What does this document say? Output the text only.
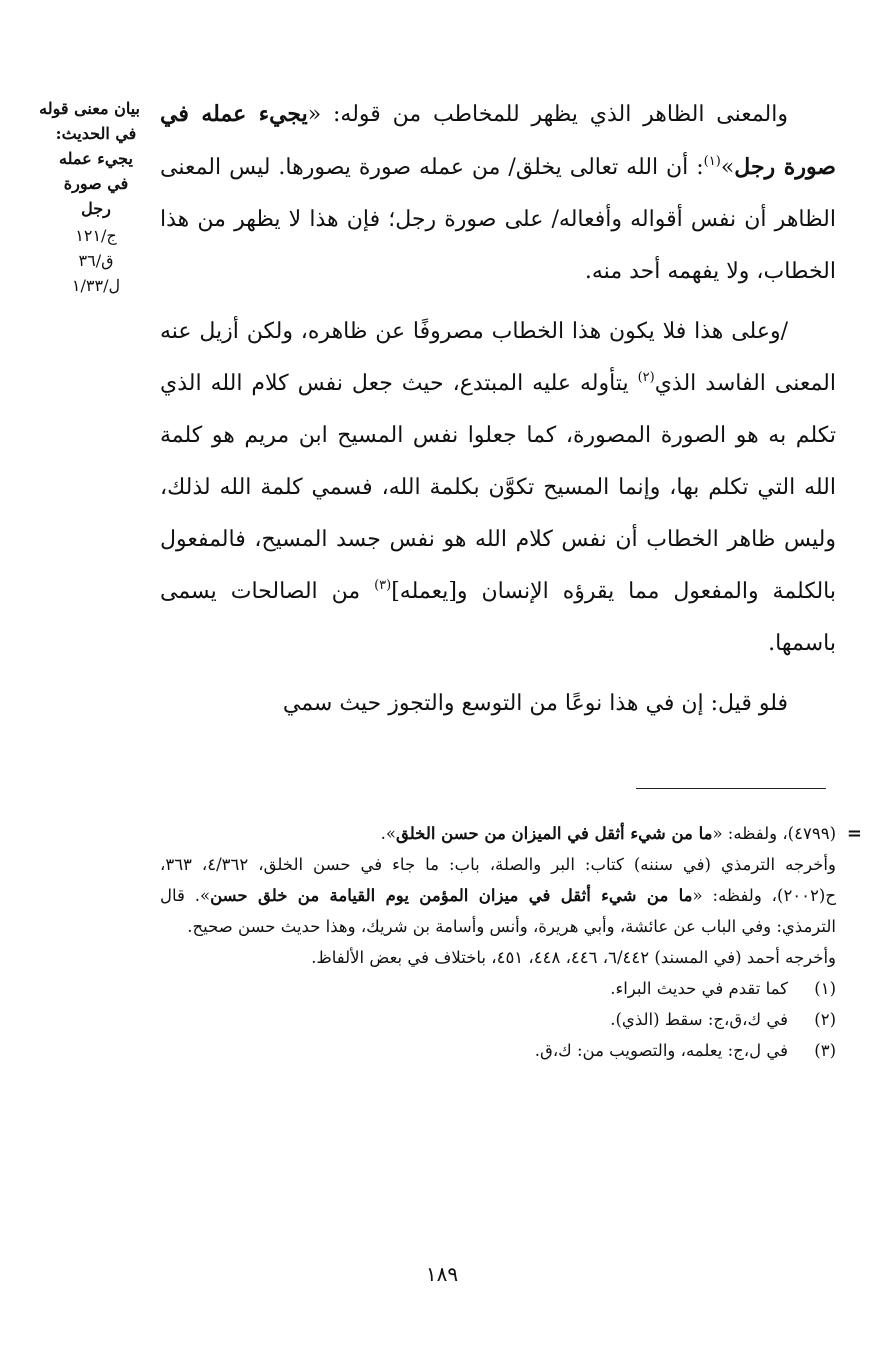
بيان معنى قوله
في الحديث:
يجيء عمله
في صورة
رجل
ج/١٢١
ق/٣٦
ل/١/٣٣

والمعنى الظاهر الذي يظهر للمخاطب من قوله: «يجيء عمله في صورة رجل»$^{(١)}$: أن الله تعالى يخلق/ من عمله صورة يصورها. ليس المعنى الظاهر أن نفس أقواله وأفعاله/ على صورة رجل؛ فإن هذا لا يظهر من هذا الخطاب، ولا يفهمه أحد منه.

/وعلى هذا فلا يكون هذا الخطاب مصروفًا عن ظاهره، ولكن أزيل عنه المعنى الفاسد الذي$^{(٢)}$ يتأوله عليه المبتدع، حيث جعل نفس كلام الله الذي تكلم به هو الصورة المصورة، كما جعلوا نفس المسيح ابن مريم هو كلمة الله التي تكلم بها، وإنما المسيح تكوَّن بكلمة الله، فسمي كلمة الله لذلك، وليس ظاهر الخطاب أن نفس كلام الله هو نفس جسد المسيح، فالمفعول بالكلمة والمفعول مما يقرؤه الإنسان و[يعمله]$^{(٣)}$ من الصالحات يسمى باسمها.

فلو قيل: إن في هذا نوعًا من التوسع والتجوز حيث سمي

=

(٤٧٩٩)، ولفظه: «ما من شيء أثقل في الميزان من حسن الخلق».

وأخرجه الترمذي (في سننه) كتاب: البر والصلة، باب: ما جاء في حسن الخلق، ٤/٣٦٢، ٣٦٣، ح(٢٠٠٢)، ولفظه: «ما من شيء أثقل في ميزان المؤمن يوم القيامة من خلق حسن». قال الترمذي: وفي الباب عن عائشة، وأبي هريرة، وأنس وأسامة بن شريك، وهذا حديث حسن صحيح.

وأخرجه أحمد (في المسند) ٦/٤٤٢، ٤٤٦، ٤٤٨، ٤٥١، باختلاف في بعض الألفاظ.

(١)
كما تقدم في حديث البراء.
(٢)
في ك،ق،ج: سقط (الذي).
(٣)
في ل،ج: يعلمه، والتصويب من: ك،ق.
١٨٩
